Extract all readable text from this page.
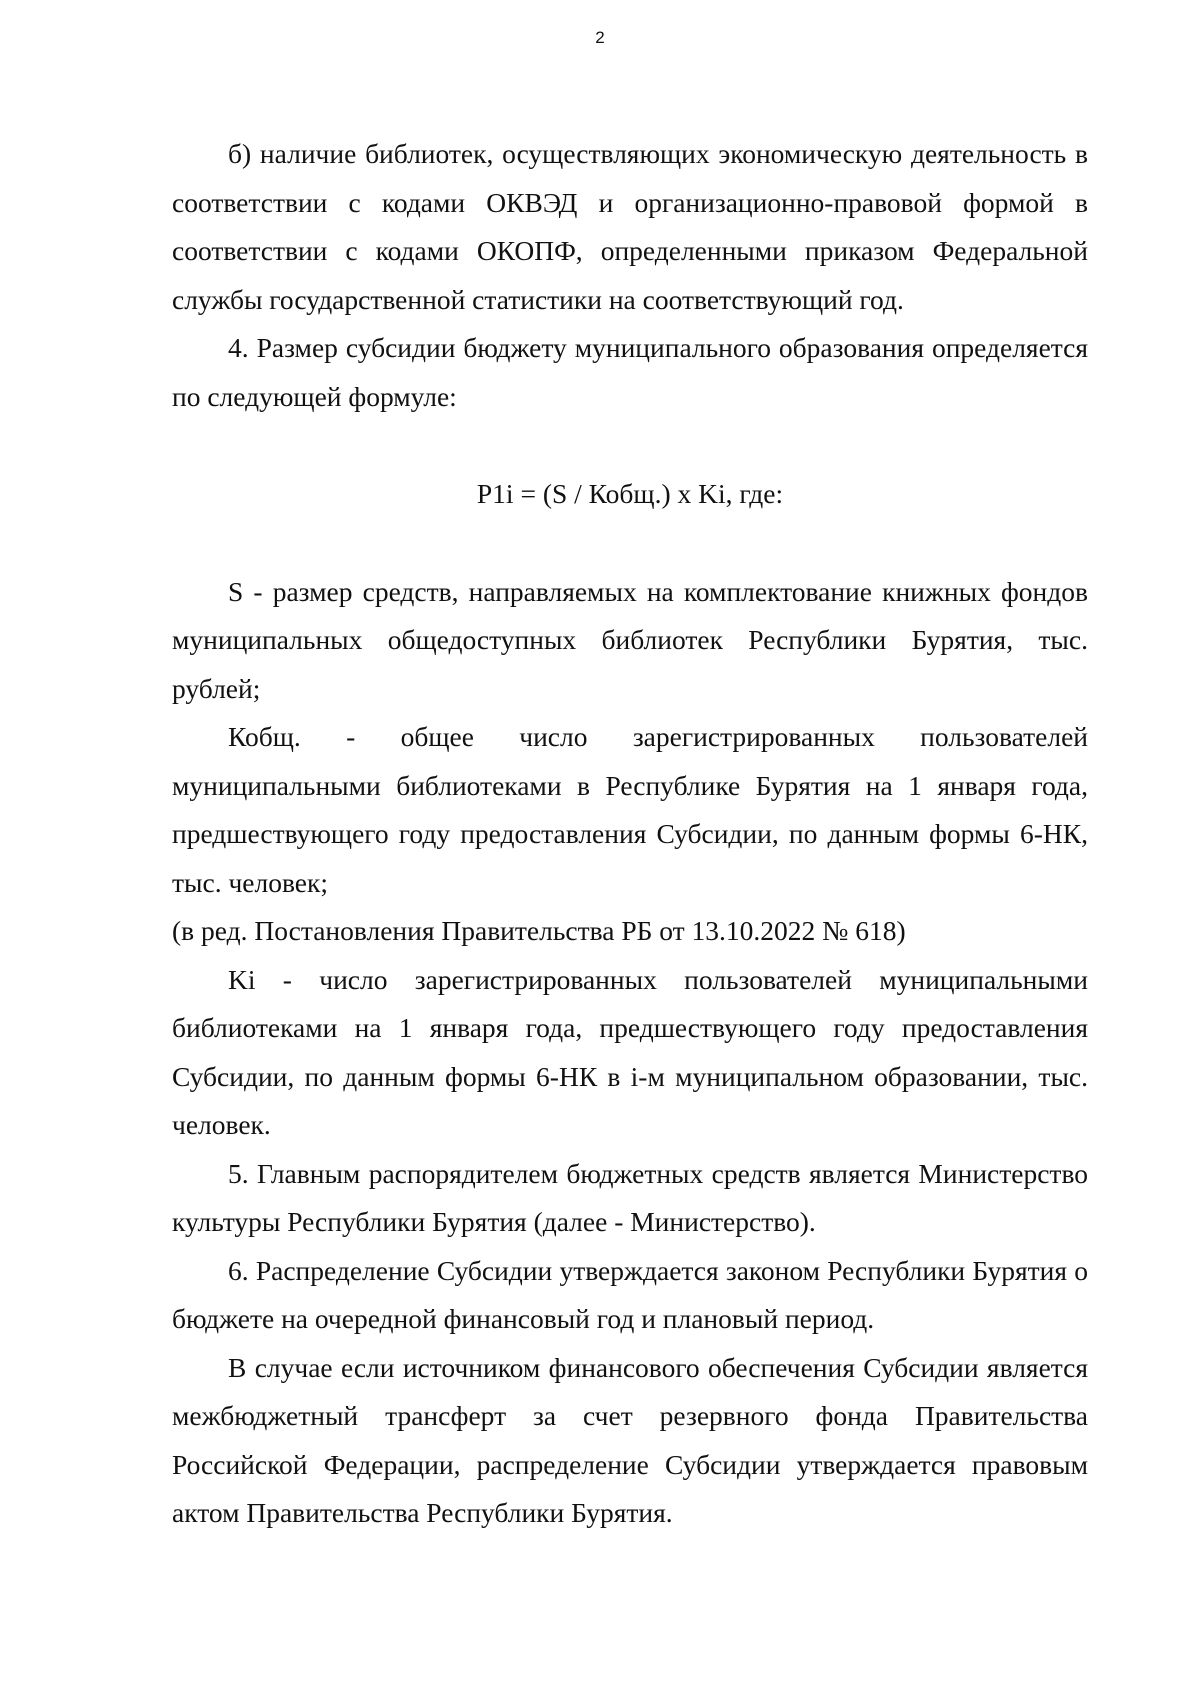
2

б) наличие библиотек, осуществляющих экономическую деятельность в соответствии с кодами ОКВЭД и организационно-правовой формой в соответствии с кодами ОКОПФ, определенными приказом Федеральной службы государственной статистики на соответствующий год.

4. Размер субсидии бюджету муниципального образования определяется по следующей формуле:

P1i = (S / Кобщ.) x Ki, где:

S - размер средств, направляемых на комплектование книжных фондов муниципальных общедоступных библиотек Республики Бурятия, тыс. рублей;

Кобщ. - общее число зарегистрированных пользователей муниципальными библиотеками в Республике Бурятия на 1 января года, предшествующего году предоставления Субсидии, по данным формы 6-НК, тыс. человек;

(в ред. Постановления Правительства РБ от 13.10.2022 № 618)

Ki - число зарегистрированных пользователей муниципальными библиотеками на 1 января года, предшествующего году предоставления Субсидии, по данным формы 6-НК в i-м муниципальном образовании, тыс. человек.

5. Главным распорядителем бюджетных средств является Министерство культуры Республики Бурятия (далее - Министерство).

6. Распределение Субсидии утверждается законом Республики Бурятия о бюджете на очередной финансовый год и плановый период.

В случае если источником финансового обеспечения Субсидии является межбюджетный трансферт за счет резервного фонда Правительства Российской Федерации, распределение Субсидии утверждается правовым актом Правительства Республики Бурятия.
